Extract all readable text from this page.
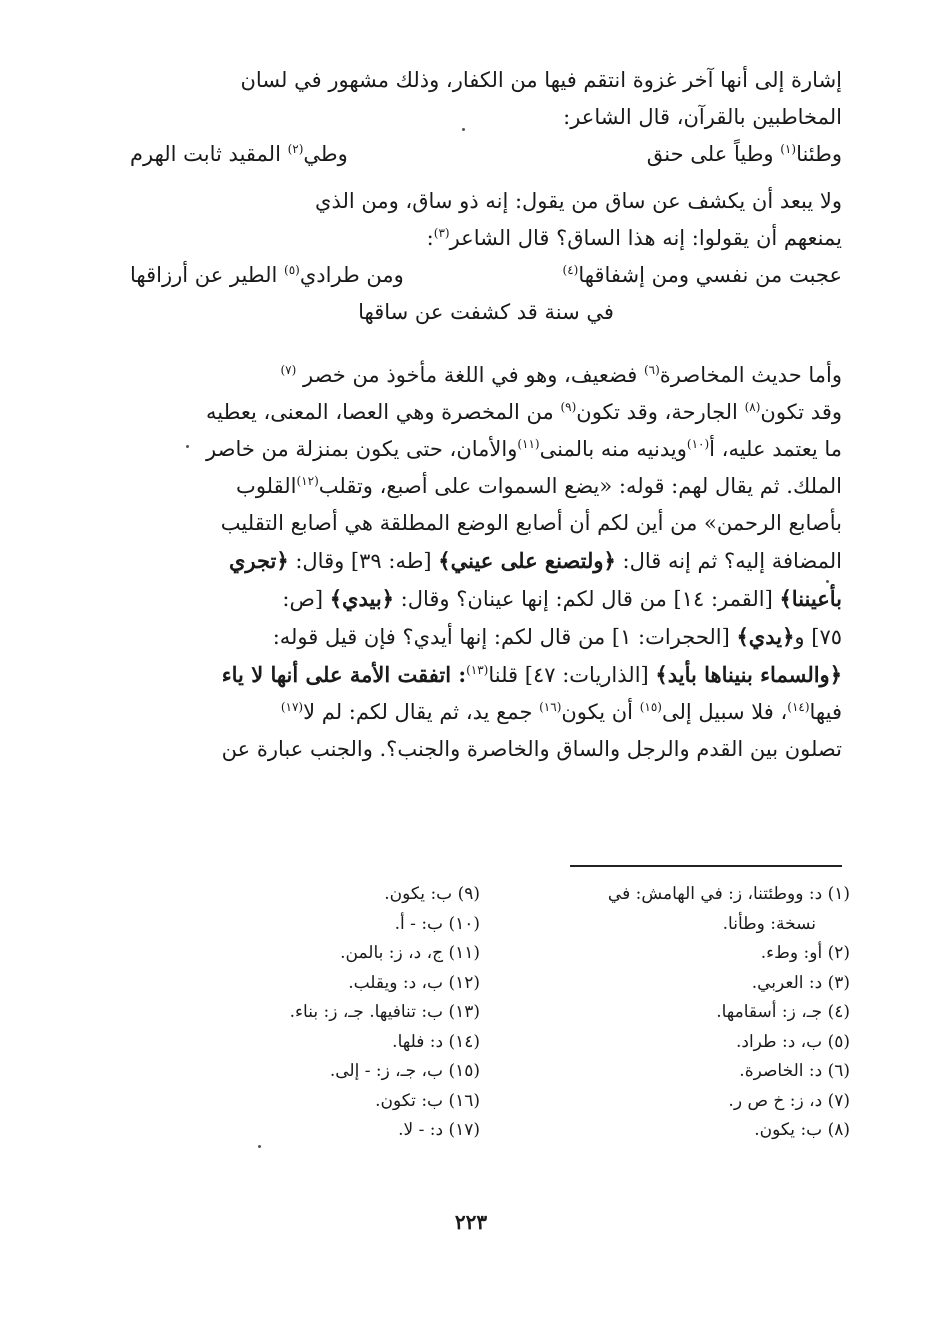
إشارة إلى أنها آخر غزوة انتقم فيها من الكفار، وذلك مشهور في لسان

المخاطبين بالقرآن، قال الشاعر:

وطئنا$^{(١)}$ وطياً على حنق
وطي$^{(٢)}$ المقيد ثابت الهرم

ولا يبعد أن يكشف عن ساق من يقول: إنه ذو ساق، ومن الذي

يمنعهم أن يقولوا: إنه هذا الساق؟ قال الشاعر$^{(٣)}$:

عجبت من نفسي ومن إشفاقها$^{(٤)}$
ومن طرادي$^{(٥)}$ الطير عن أرزاقها
في سنة قد كشفت عن ساقها

وأما حديث المخاصرة$^{(٦)}$ فضعيف، وهو في اللغة مأخوذ من خصر $^{(٧)}$

وقد تكون$^{(٨)}$ الجارحة، وقد تكون$^{(٩)}$ من المخصرة وهي العصا، المعنى، يعطيه

ما يعتمد عليه، أ$^{(١٠)}$ويدنيه منه بالمنى$^{(١١)}$والأمان، حتى يكون بمنزلة من خاصر

الملك. ثم يقال لهم: قوله: «يضع السموات على أصبع، وتقلب$^{(١٢)}$القلوب

بأصابع الرحمن» من أين لكم أن أصابع الوضع المطلقة هي أصابع التقليب

المضافة إليه؟ ثم إنه قال: ﴿ولتصنع على عيني﴾ [طه: ٣٩] وقال: ﴿تجري

بأعيننا﴾ [القمر: ١٤] من قال لكم: إنها عينان؟ وقال: ﴿بيدي﴾ [ص:

٧٥] و﴿يدي﴾ [الحجرات: ١] من قال لكم: إنها أيدي؟ فإن قيل قوله:

﴿والسماء بنيناها بأيد﴾ [الذاريات: ٤٧] قلنا$^{(١٣)}$: اتفقت الأمة على أنها لا ياء

فيها$^{(١٤)}$، فلا سبيل إلى$^{(١٥)}$ أن يكون$^{(١٦)}$ جمع يد، ثم يقال لكم: لم لا$^{(١٧)}$

تصلون بين القدم والرجل والساق والخاصرة والجنب؟. والجنب عبارة عن

(١) د: ووطئتنا، ز: في الهامش: في
نسخة: وطأنا.
(٢) أو: وطء.
(٣) د: العربي.
(٤) جـ، ز: أسقامها.
(٥) ب، د: طراد.
(٦) د: الخاصرة.
(٧) د، ز: خ ص ر.
(٨) ب: يكون.
(٩) ب: يكون.
(١٠) ب: - أ.
(١١) ج، د، ز: بالمن.
(١٢) ب، د: ويقلب.
(١٣) ب: تنافيها. جـ، ز: بناء.
(١٤) د: فلها.
(١٥) ب، جـ، ز: - إلى.
(١٦) ب: تكون.
(١٧) د: - لا.
٢٢٣
